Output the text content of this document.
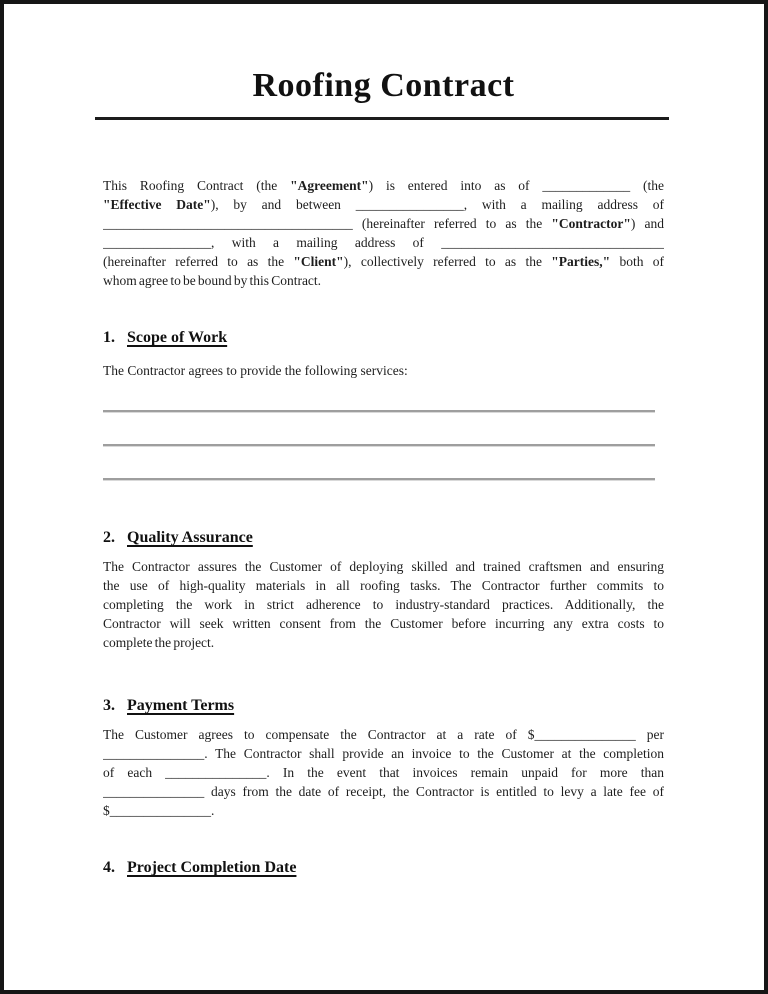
Roofing Contract
This Roofing Contract (the "Agreement") is entered into as of _____________ (the
"Effective Date"), by and between ________________, with a mailing address of
_____________________________________ (hereinafter referred to as the "Contractor") and
________________, with a mailing address of _________________________________
(hereinafter referred to as the "Client"), collectively referred to as the "Parties," both of
whom agree to be bound by this Contract.
1. Scope of Work
The Contractor agrees to provide the following services:
2. Quality Assurance
The Contractor assures the Customer of deploying skilled and trained craftsmen and ensuring
the use of high-quality materials in all roofing tasks. The Contractor further commits to
completing the work in strict adherence to industry-standard practices. Additionally, the
Contractor will seek written consent from the Customer before incurring any extra costs to
complete the project.
3. Payment Terms
The Customer agrees to compensate the Contractor at a rate of $_______________ per
_______________. The Contractor shall provide an invoice to the Customer at the completion
of each _______________. In the event that invoices remain unpaid for more than
_______________ days from the date of receipt, the Contractor is entitled to levy a late fee of
$_______________.
4. Project Completion Date
